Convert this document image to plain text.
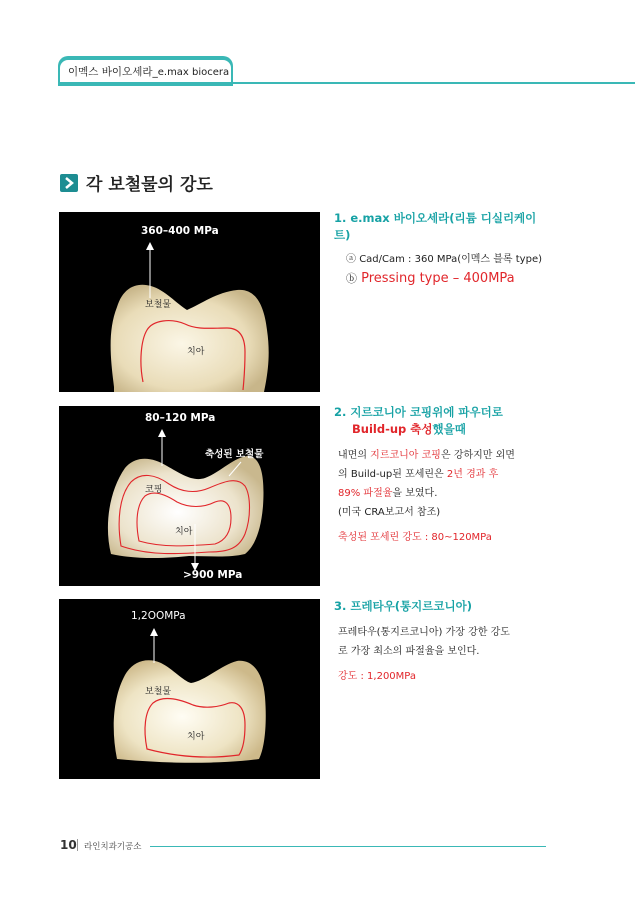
이멕스 바이오세라_e.max biocera
각 보철물의 강도
360–400 MPa
보철물
치아
80–120 MPa
축성된 보철물
코핑
치아
>900 MPa
1,2OOMPa
보철물
치아
1. e.max 바이오세라(리튬 디실리케이트)
ⓐ Cad/Cam : 360 MPa(이멕스 블록 type)
ⓑ Pressing type – 400MPa
2. 지르코니아 코핑위에 파우더로
Build-up 축성했을때
내면의 지르코니아 코핑은 강하지만 외면
의 Build-up된 포세린은 2년 경과 후
89% 파절율을 보였다.
(미국 CRA보고서 참조)
축성된 포세린 강도 : 80~120MPa
3. 프레타우(통지르코니아)
프레타우(통지르코니아) 가장 강한 강도
로 가장 최소의 파절율을 보인다.
강도 : 1,200MPa
10 라인치과기공소
